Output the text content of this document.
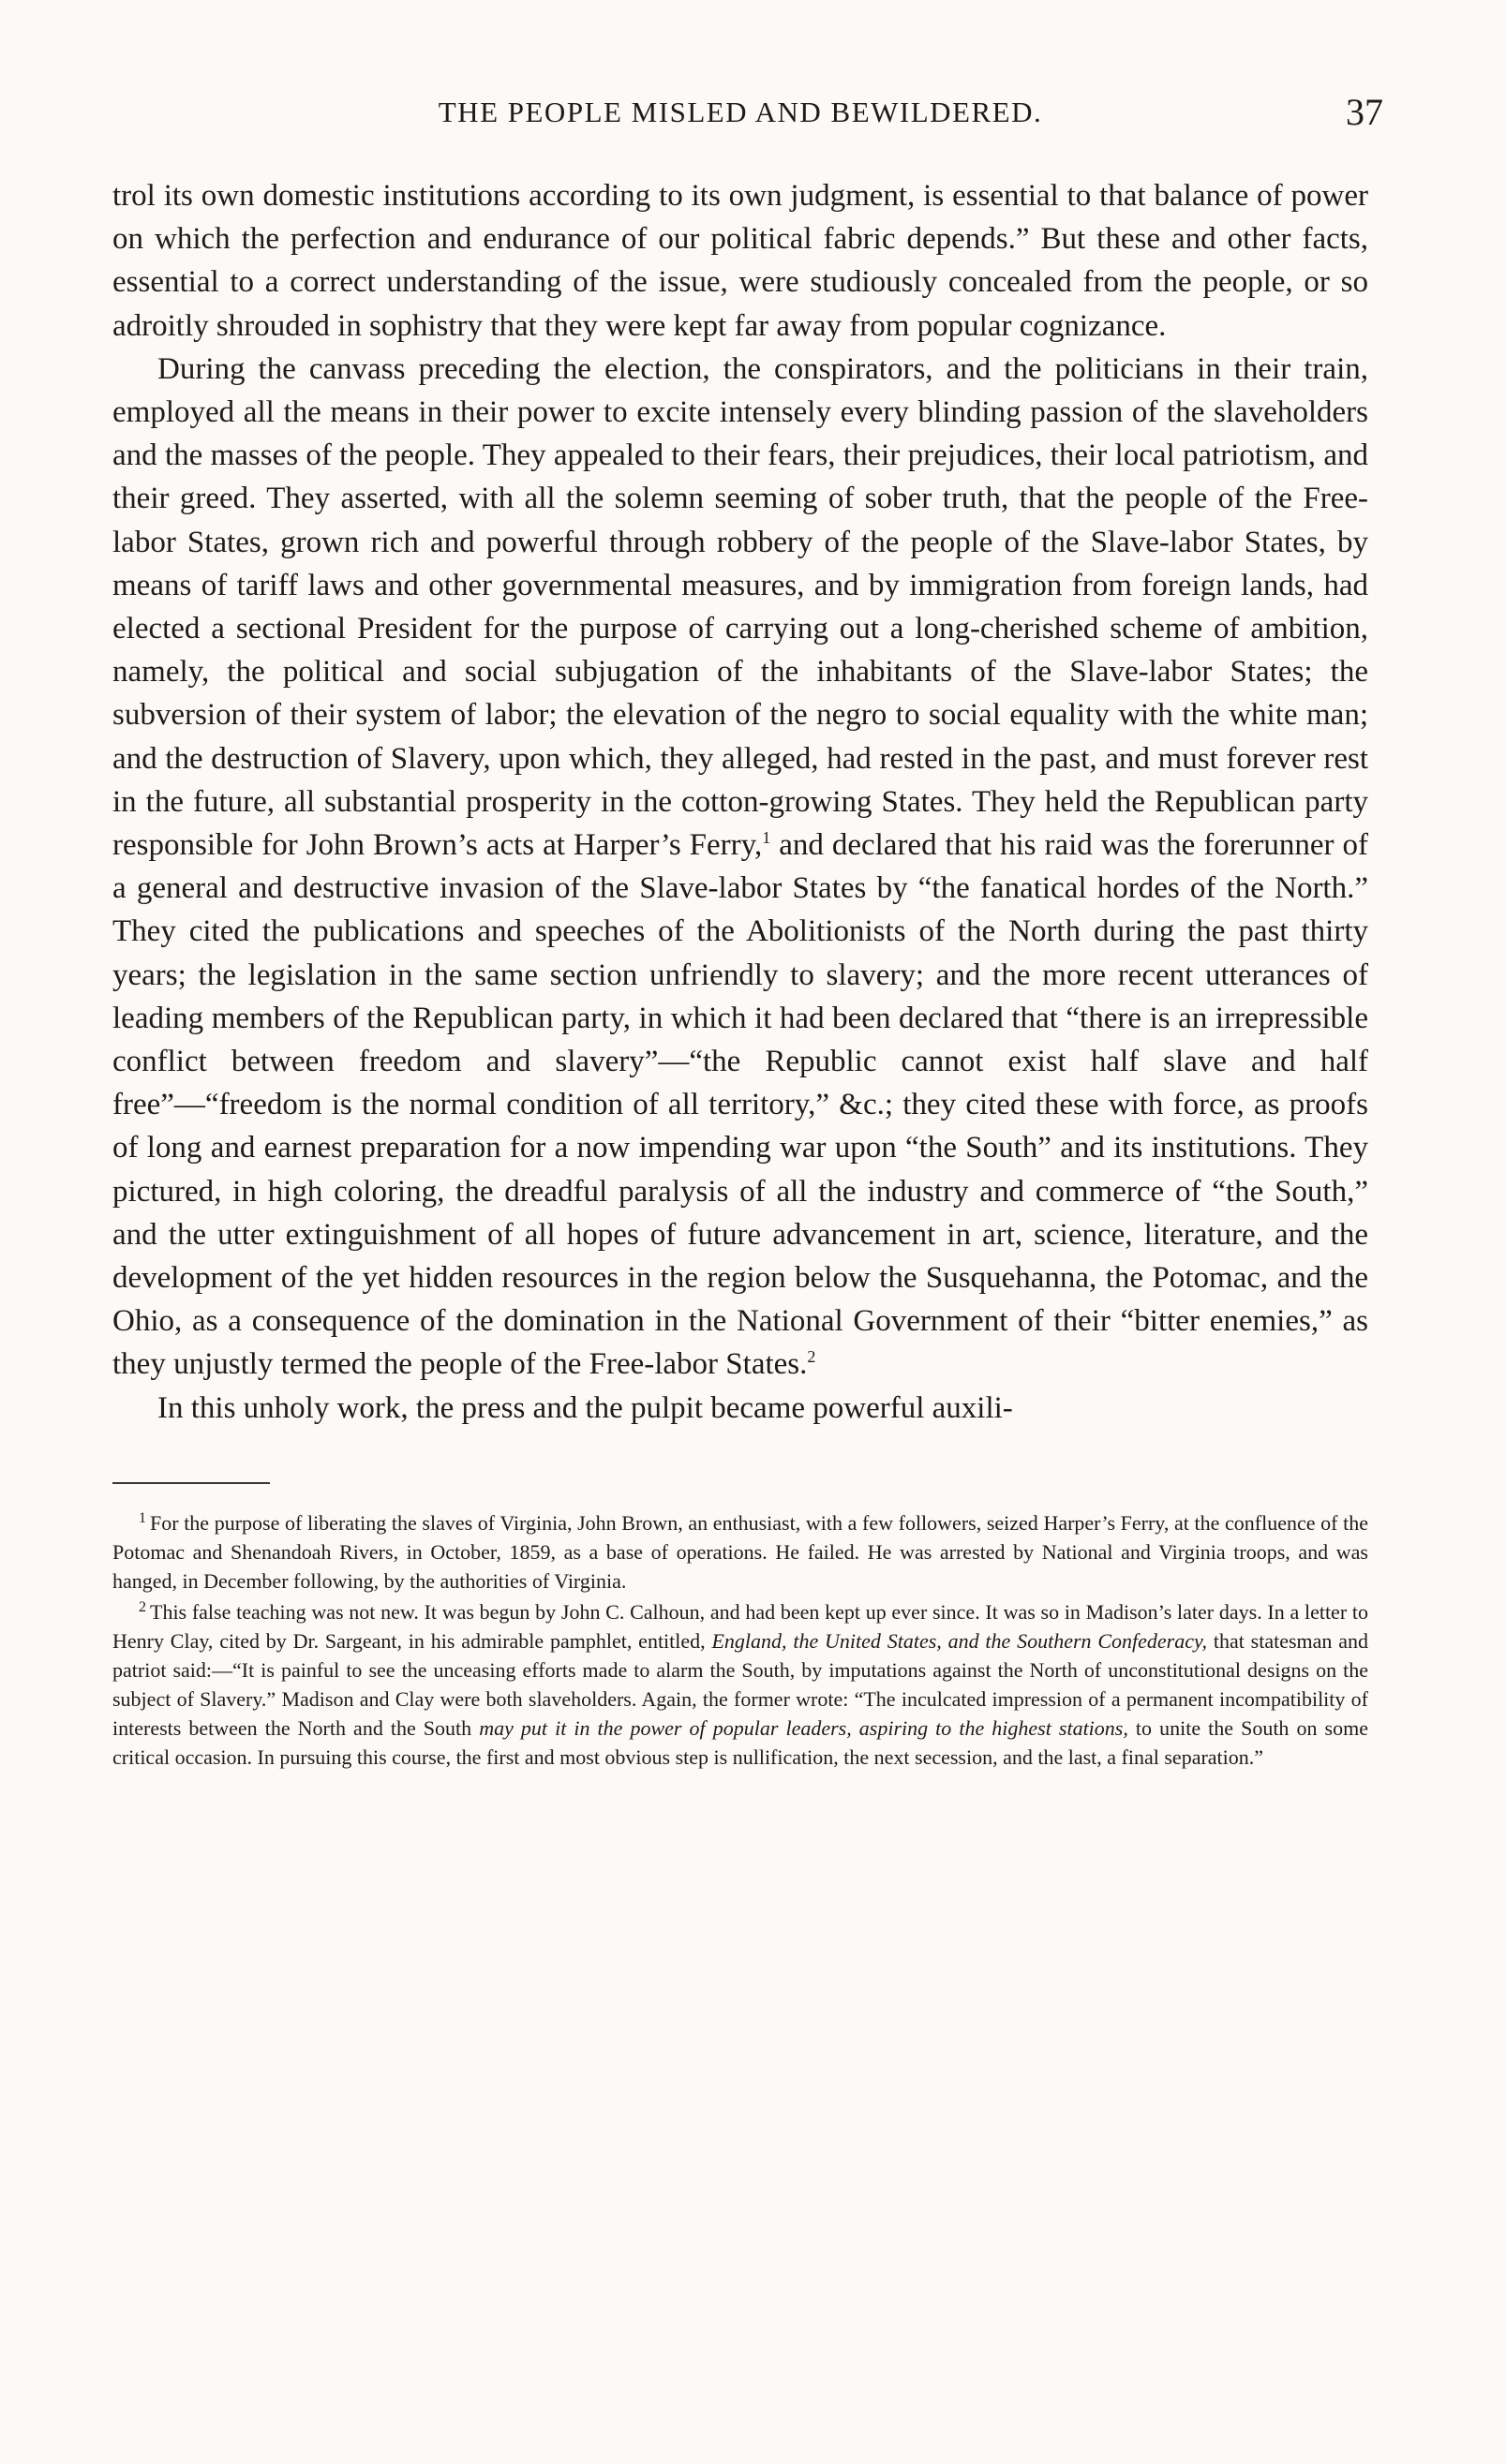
THE PEOPLE MISLED AND BEWILDERED.	37

trol its own domestic institutions according to its own judgment, is essential to that balance of power on which the perfection and endurance of our political fabric depends.” But these and other facts, essential to a correct understanding of the issue, were studiously concealed from the people, or so adroitly shrouded in sophistry that they were kept far away from popular cognizance.

During the canvass preceding the election, the conspirators, and the politicians in their train, employed all the means in their power to excite intensely every blinding passion of the slaveholders and the masses of the people. They appealed to their fears, their prejudices, their local patriotism, and their greed. They asserted, with all the solemn seeming of sober truth, that the people of the Free-labor States, grown rich and powerful through robbery of the people of the Slave-labor States, by means of tariff laws and other governmental measures, and by immigration from foreign lands, had elected a sectional President for the purpose of carrying out a long-cherished scheme of ambition, namely, the political and social subjugation of the inhabitants of the Slave-labor States; the subversion of their system of labor; the elevation of the negro to social equality with the white man; and the destruction of Slavery, upon which, they alleged, had rested in the past, and must forever rest in the future, all substantial prosperity in the cotton-growing States. They held the Republican party responsible for John Brown’s acts at Harper’s Ferry,$^1$ and declared that his raid was the forerunner of a general and destructive invasion of the Slave-labor States by “the fanatical hordes of the North.” They cited the publications and speeches of the Abolitionists of the North during the past thirty years; the legislation in the same section unfriendly to slavery; and the more recent utterances of leading members of the Republican party, in which it had been declared that “there is an irrepressible conflict between freedom and slavery”—“the Republic cannot exist half slave and half free”—“freedom is the normal condition of all territory,” &c.; they cited these with force, as proofs of long and earnest preparation for a now impending war upon “the South” and its institutions. They pictured, in high coloring, the dreadful paralysis of all the industry and commerce of “the South,” and the utter extinguishment of all hopes of future advancement in art, science, literature, and the development of the yet hidden resources in the region below the Susquehanna, the Potomac, and the Ohio, as a consequence of the domination in the National Government of their “bitter enemies,” as they unjustly termed the people of the Free-labor States.$^2$

In this unholy work, the press and the pulpit became powerful auxili-

$^1$ For the purpose of liberating the slaves of Virginia, John Brown, an enthusiast, with a few followers, seized Harper’s Ferry, at the confluence of the Potomac and Shenandoah Rivers, in October, 1859, as a base of operations. He failed. He was arrested by National and Virginia troops, and was hanged, in December following, by the authorities of Virginia.

$^2$ This false teaching was not new. It was begun by John C. Calhoun, and had been kept up ever since. It was so in Madison’s later days. In a letter to Henry Clay, cited by Dr. Sargeant, in his admirable pamphlet, entitled, England, the United States, and the Southern Confederacy, that statesman and patriot said:—“It is painful to see the unceasing efforts made to alarm the South, by imputations against the North of unconstitutional designs on the subject of Slavery.” Madison and Clay were both slaveholders. Again, the former wrote: “The inculcated impression of a permanent incompatibility of interests between the North and the South may put it in the power of popular leaders, aspiring to the highest stations, to unite the South on some critical occasion. In pursuing this course, the first and most obvious step is nullification, the next secession, and the last, a final separation.”
